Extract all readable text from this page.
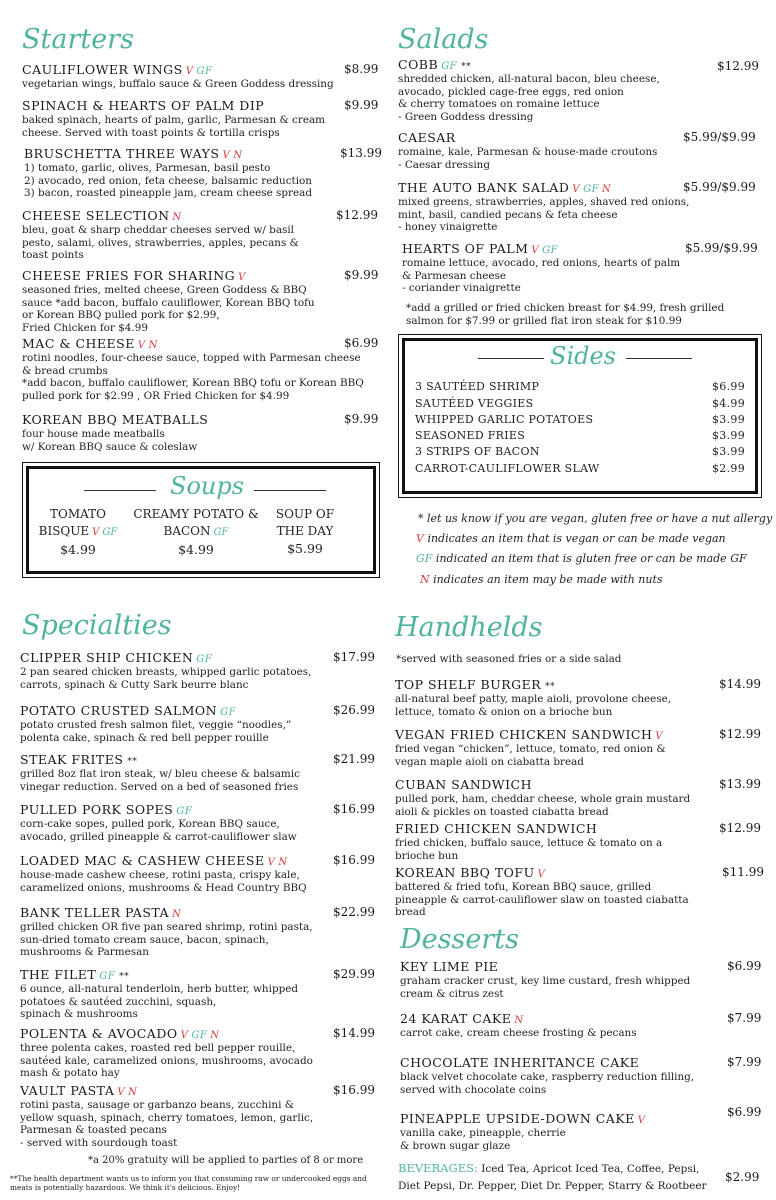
Starters
CAULIFLOWER WINGS V GF
vegetarian wings, buffalo sauce & Green Goddess dressing
$8.99
SPINACH & HEARTS OF PALM DIP
baked spinach, hearts of palm, garlic, Parmesan & cream cheese. Served with toast points & tortilla crisps
$9.99
BRUSCHETTA THREE WAYS V N
1) tomato, garlic, olives, Parmesan, basil pesto
2) avocado, red onion, feta cheese, balsamic reduction
3) bacon, roasted pineapple jam, cream cheese spread
$13.99
CHEESE SELECTION N
bleu, goat & sharp cheddar cheeses served w/ basil pesto, salami, olives, strawberries, apples, pecans & toast points
$12.99
CHEESE FRIES FOR SHARING V
seasoned fries, melted cheese, Green Goddess & BBQ sauce *add bacon, buffalo cauliflower, Korean BBQ tofu or Korean BBQ pulled pork for $2.99,
Fried Chicken for $4.99
$9.99
MAC & CHEESE V N
rotini noodles, four-cheese sauce, topped with Parmesan cheese & bread crumbs
*add bacon, buffalo cauliflower, Korean BBQ tofu or Korean BBQ pulled pork for $2.99 , OR Fried Chicken for $4.99
$6.99
KOREAN BBQ MEATBALLS
four house made meatballs
w/ Korean BBQ sauce & coleslaw
$9.99
Soups
TOMATO BISQUE V GF
$4.99
CREAMY POTATO & BACON GF
$4.99
SOUP OF THE DAY
$5.99
Salads
COBB GF **
shredded chicken, all-natural bacon, bleu cheese, avocado, pickled cage-free eggs, red onion
& cherry tomatoes on romaine lettuce
- Green Goddess dressing
$12.99
CAESAR
romaine, kale, Parmesan & house-made croutons
- Caesar dressing
$5.99/$9.99
THE AUTO BANK SALAD V GF N
mixed greens, strawberries, apples, shaved red onions, mint, basil, candied pecans & feta cheese
- honey vinaigrette
$5.99/$9.99
HEARTS OF PALM V GF
romaine lettuce, avocado, red onions, hearts of palm & Parmesan cheese
- coriander vinaigrette
$5.99/$9.99
*add a grilled or fried chicken breast for $4.99, fresh grilled salmon for $7.99 or grilled flat iron steak for $10.99
Sides
3 SAUTÉED SHRIMP	$6.99
SAUTÉED VEGGIES	$4.99
WHIPPED GARLIC POTATOES	$3.99
SEASONED FRIES	$3.99
3 STRIPS OF BACON	$3.99
CARROT-CAULIFLOWER SLAW	$2.99
* let us know if you are vegan, gluten free or have a nut allergy
V indicates an item that is vegan or can be made vegan
GF indicated an item that is gluten free or can be made GF
N indicates an item may be made with nuts
Specialties
CLIPPER SHIP CHICKEN GF
2 pan seared chicken breasts, whipped garlic potatoes, carrots, spinach & Cutty Sark beurre blanc
$17.99
POTATO CRUSTED SALMON GF
potato crusted fresh salmon filet, veggie “noodles,” polenta cake, spinach & red bell pepper rouille
$26.99
STEAK FRITES **
grilled 8oz flat iron steak, w/ bleu cheese & balsamic vinegar reduction. Served on a bed of seasoned fries
$21.99
PULLED PORK SOPES GF
corn-cake sopes, pulled pork, Korean BBQ sauce, avocado, grilled pineapple & carrot-cauliflower slaw
$16.99
LOADED MAC & CASHEW CHEESE V N
house-made cashew cheese, rotini pasta, crispy kale, caramelized onions, mushrooms & Head Country BBQ
$16.99
BANK TELLER PASTA N
grilled chicken OR five pan seared shrimp, rotini pasta, sun-dried tomato cream sauce, bacon, spinach, mushrooms & Parmesan
$22.99
THE FILET GF **
6 ounce, all-natural tenderloin, herb butter, whipped potatoes & sautéed zucchini, squash,
spinach & mushrooms
$29.99
POLENTA & AVOCADO V GF N
three polenta cakes, roasted red bell pepper rouille, sautéed kale, caramelized onions, mushrooms, avocado mash & potato hay
$14.99
VAULT PASTA V N
rotini pasta, sausage or garbanzo beans, zucchini & yellow squash, spinach, cherry tomatoes, lemon, garlic, Parmesan & toasted pecans
- served with sourdough toast
$16.99
*a 20% gratuity will be applied to parties of 8 or more
Handhelds
*served with seasoned fries or a side salad
TOP SHELF BURGER **
all-natural beef patty, maple aioli, provolone cheese, lettuce, tomato & onion on a brioche bun
$14.99
VEGAN FRIED CHICKEN SANDWICH V
fried vegan “chicken”, lettuce, tomato, red onion & vegan maple aioli on ciabatta bread
$12.99
CUBAN SANDWICH
pulled pork, ham, cheddar cheese, whole grain mustard aioli & pickles on toasted ciabatta bread
$13.99
FRIED CHICKEN SANDWICH
fried chicken, buffalo sauce, lettuce & tomato on a brioche bun
$12.99
KOREAN BBQ TOFU V
battered & fried tofu, Korean BBQ sauce, grilled pineapple & carrot-cauliflower slaw on toasted ciabatta bread
$11.99
Desserts
KEY LIME PIE
graham cracker crust, key lime custard, fresh whipped cream & citrus zest
$6.99
24 KARAT CAKE N
carrot cake, cream cheese frosting & pecans
$7.99
CHOCOLATE INHERITANCE CAKE
black velvet chocolate cake, raspberry reduction filling, served with chocolate coins
$7.99
PINEAPPLE UPSIDE-DOWN CAKE V
vanilla cake, pineapple, cherrie
& brown sugar glaze
$6.99
BEVERAGES: Iced Tea, Apricot Iced Tea, Coffee, Pepsi, Diet Pepsi, Dr. Pepper, Diet Dr. Pepper, Starry & Rootbeer
$2.99
**The health department wants us to inform you that consuming raw or undercooked eggs and meats is potentially hazardous. We think it's delicious. Enjoy!
